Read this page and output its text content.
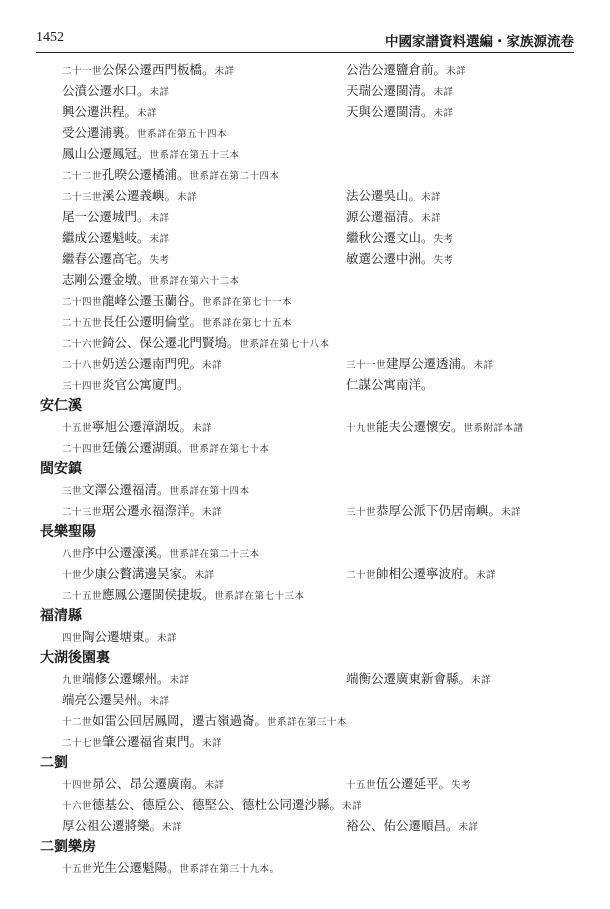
1452	中國家譜資料選編・家族源流卷
二十一世公保公遷西門板橋。未詳	公浩公遷鹽倉前。未詳
公濆公遷水口。未詳	天瑞公遷閩清。未詳
興公遷洪程。未詳	天與公遷閩清。未詳
受公遷浦裏。世系詳在第五十四本
鳳山公遷鳳冠。世系詳在第五十三本
二十二世孔暌公遷橘浦。世系詳在第二十四本
二十三世溪公遷義嶼。未詳	法公遷吳山。未詳
尾一公遷城門。未詳	源公遷福清。未詳
繼成公遷魁岐。未詳	繼秋公遷文山。失考
繼春公遷高宅。失考	敏選公遷中洲。失考
志剛公遷金墩。世系詳在第六十二本
二十四世龍峰公遷玉蘭谷。世系詳在第七十一本
二十五世長任公遷明倫堂。世系詳在第七十五本
二十六世錡公、保公遷北門賢塢。世系詳在第七十八本
二十八世奶送公遷南門兜。未詳	三十一世建厚公遷透浦。未詳
三十四世炎官公寓廈門。	仁謀公寓南洋。
安仁溪
十五世寧旭公遷漳湖坂。未詳	十九世能夫公遷懷安。世系附詳本譜
二十四世廷儀公遷湖頭。世系詳在第七十本
閩安鎮
三世文澤公遷福清。世系詳在第十四本
二十三世琚公遷永福漈洋。未詳	三十世恭厚公派下仍居南嶼。未詳
長樂聖陽
八世序中公遷濠溪。世系詳在第二十三本
十世少康公贅溝邊吴家。未詳	二十世帥相公遷寧波府。未詳
二十五世應鳳公遷閩侯捷坂。世系詳在第七十三本
福清縣
四世陶公遷塘東。未詳
大湖後園裏
九世端修公遷螺州。未詳	端衡公遷廣東新會縣。未詳
端亮公遷吴州。未詳
十二世如雷公回居鳳岡，遷古嶺過崙。世系詳在第三十本
二十七世肇公遷福省東門。未詳
二劉
十四世昴公、昂公遷廣南。未詳	十五世伍公遷延平。失考
十六世德基公、德垕公、德堅公、德杜公同遷沙縣。未詳
厚公祖公遷將樂。未詳	裕公、佑公遷順昌。未詳
二劉樂房
十五世光生公遷魁陽。世系詳在第三十九本。
